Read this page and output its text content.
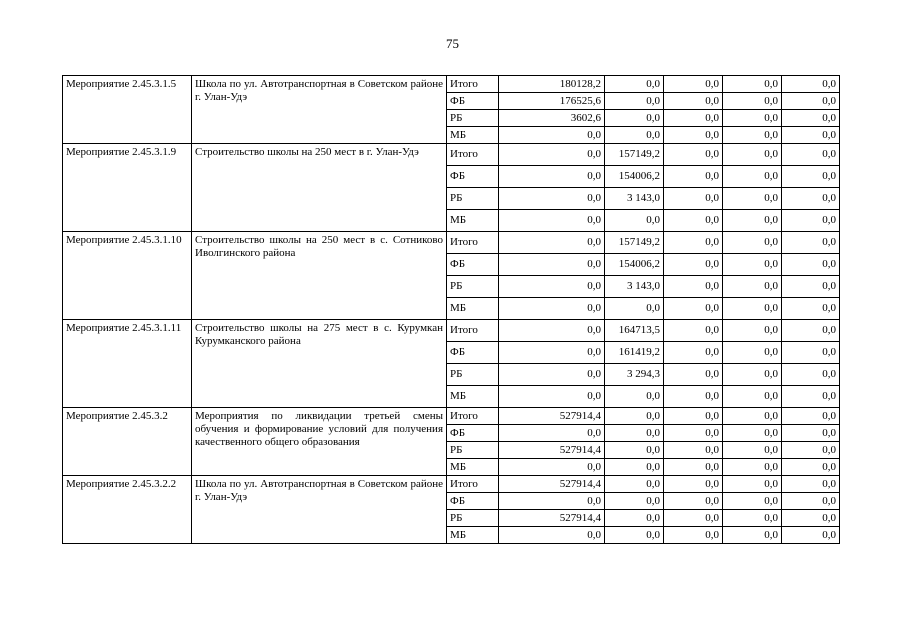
75
Мероприятие 2.45.3.1.5	Школа по ул. Автотранспортная в Советском районе г. Улан-Удэ	Итого	180128,2	0,0	0,0	0,0	0,0
		ФБ	176525,6	0,0	0,0	0,0	0,0
		РБ	3602,6	0,0	0,0	0,0	0,0
		МБ	0,0	0,0	0,0	0,0	0,0
Мероприятие 2.45.3.1.9	Строительство школы на 250 мест в г. Улан-Удэ	Итого	0,0	157149,2	0,0	0,0	0,0
		ФБ	0,0	154006,2	0,0	0,0	0,0
		РБ	0,0	3 143,0	0,0	0,0	0,0
		МБ	0,0	0,0	0,0	0,0	0,0
Мероприятие 2.45.3.1.10	Строительство школы на 250 мест в с. Сотниково Иволгинского района	Итого	0,0	157149,2	0,0	0,0	0,0
		ФБ	0,0	154006,2	0,0	0,0	0,0
		РБ	0,0	3 143,0	0,0	0,0	0,0
		МБ	0,0	0,0	0,0	0,0	0,0
Мероприятие 2.45.3.1.11	Строительство школы на 275 мест в с. Курумкан Курумканского района	Итого	0,0	164713,5	0,0	0,0	0,0
		ФБ	0,0	161419,2	0,0	0,0	0,0
		РБ	0,0	3 294,3	0,0	0,0	0,0
		МБ	0,0	0,0	0,0	0,0	0,0
Мероприятие 2.45.3.2	Мероприятия по ликвидации третьей смены обучения и формирование условий для получения качественного общего образования	Итого	527914,4	0,0	0,0	0,0	0,0
		ФБ	0,0	0,0	0,0	0,0	0,0
		РБ	527914,4	0,0	0,0	0,0	0,0
		МБ	0,0	0,0	0,0	0,0	0,0
Мероприятие 2.45.3.2.2	Школа по ул. Автотранспортная в Советском районе г. Улан-Удэ	Итого	527914,4	0,0	0,0	0,0	0,0
		ФБ	0,0	0,0	0,0	0,0	0,0
		РБ	527914,4	0,0	0,0	0,0	0,0
		МБ	0,0	0,0	0,0	0,0	0,0
